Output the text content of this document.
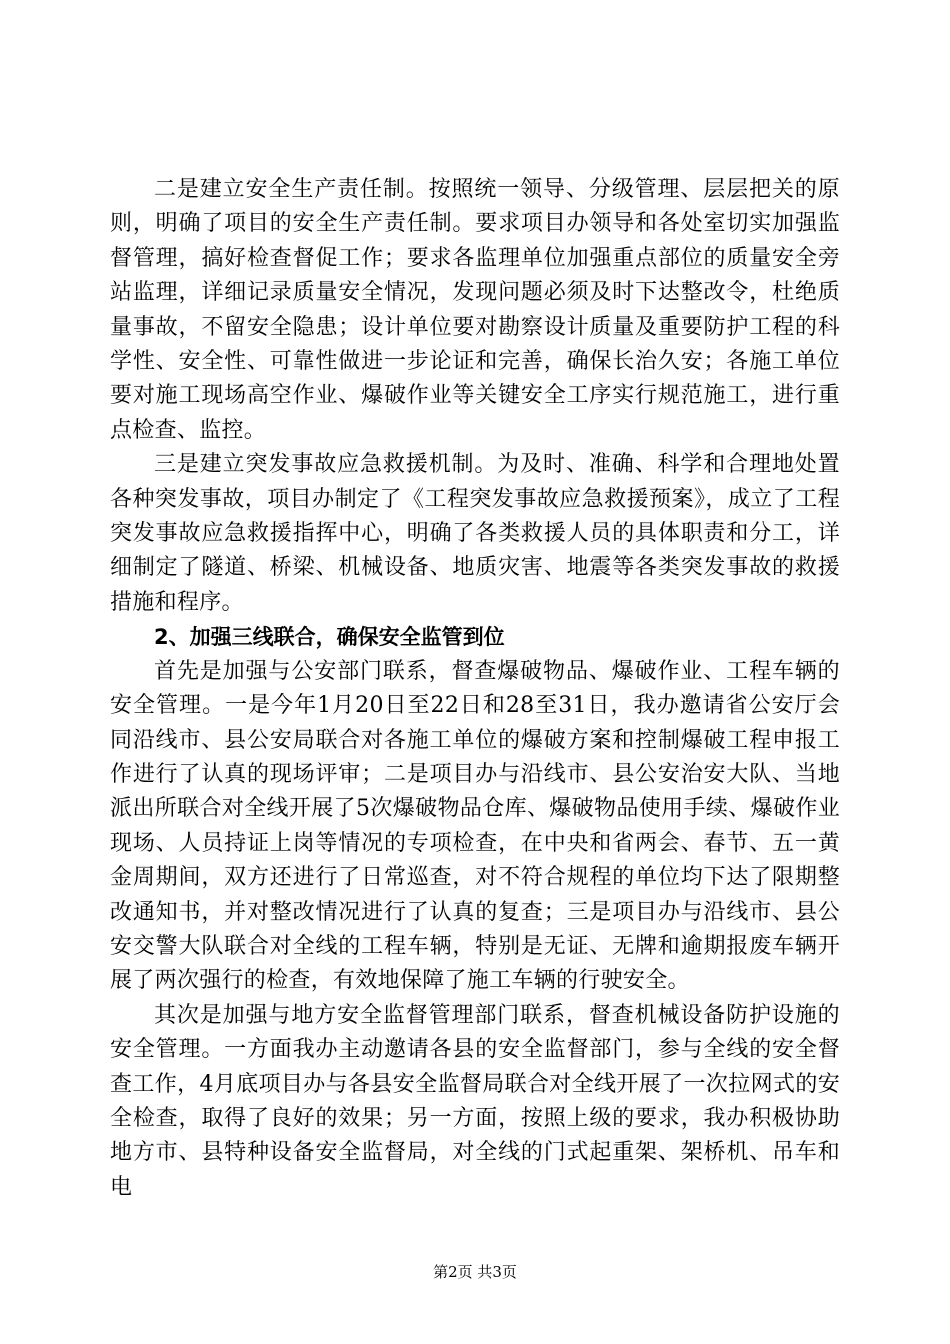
二是建立安全生产责任制。按照统一领导、分级管理、层层把关的原则，明确了项目的安全生产责任制。要求项目办领导和各处室切实加强监督管理，搞好检查督促工作；要求各监理单位加强重点部位的质量安全旁站监理，详细记录质量安全情况，发现问题必须及时下达整改令，杜绝质量事故，不留安全隐患；设计单位要对勘察设计质量及重要防护工程的科学性、安全性、可靠性做进一步论证和完善，确保长治久安；各施工单位要对施工现场高空作业、爆破作业等关键安全工序实行规范施工，进行重点检查、监控。

三是建立突发事故应急救援机制。为及时、准确、科学和合理地处置各种突发事故，项目办制定了《工程突发事故应急救援预案》，成立了工程突发事故应急救援指挥中心，明确了各类救援人员的具体职责和分工，详细制定了隧道、桥梁、机械设备、地质灾害、地震等各类突发事故的救援措施和程序。

2、加强三线联合，确保安全监管到位

首先是加强与公安部门联系，督查爆破物品、爆破作业、工程车辆的安全管理。一是今年1月20日至22日和28至31日，我办邀请省公安厅会同沿线市、县公安局联合对各施工单位的爆破方案和控制爆破工程申报工作进行了认真的现场评审；二是项目办与沿线市、县公安治安大队、当地派出所联合对全线开展了5次爆破物品仓库、爆破物品使用手续、爆破作业现场、人员持证上岗等情况的专项检查，在中央和省两会、春节、五一黄金周期间，双方还进行了日常巡查，对不符合规程的单位均下达了限期整改通知书，并对整改情况进行了认真的复查；三是项目办与沿线市、县公安交警大队联合对全线的工程车辆，特别是无证、无牌和逾期报废车辆开展了两次强行的检查，有效地保障了施工车辆的行驶安全。

其次是加强与地方安全监督管理部门联系，督查机械设备防护设施的安全管理。一方面我办主动邀请各县的安全监督部门，参与全线的安全督查工作，4月底项目办与各县安全监督局联合对全线开展了一次拉网式的安全检查，取得了良好的效果；另一方面，按照上级的要求，我办积极协助地方市、县特种设备安全监督局，对全线的门式起重架、架桥机、吊车和电

第2页 共3页
